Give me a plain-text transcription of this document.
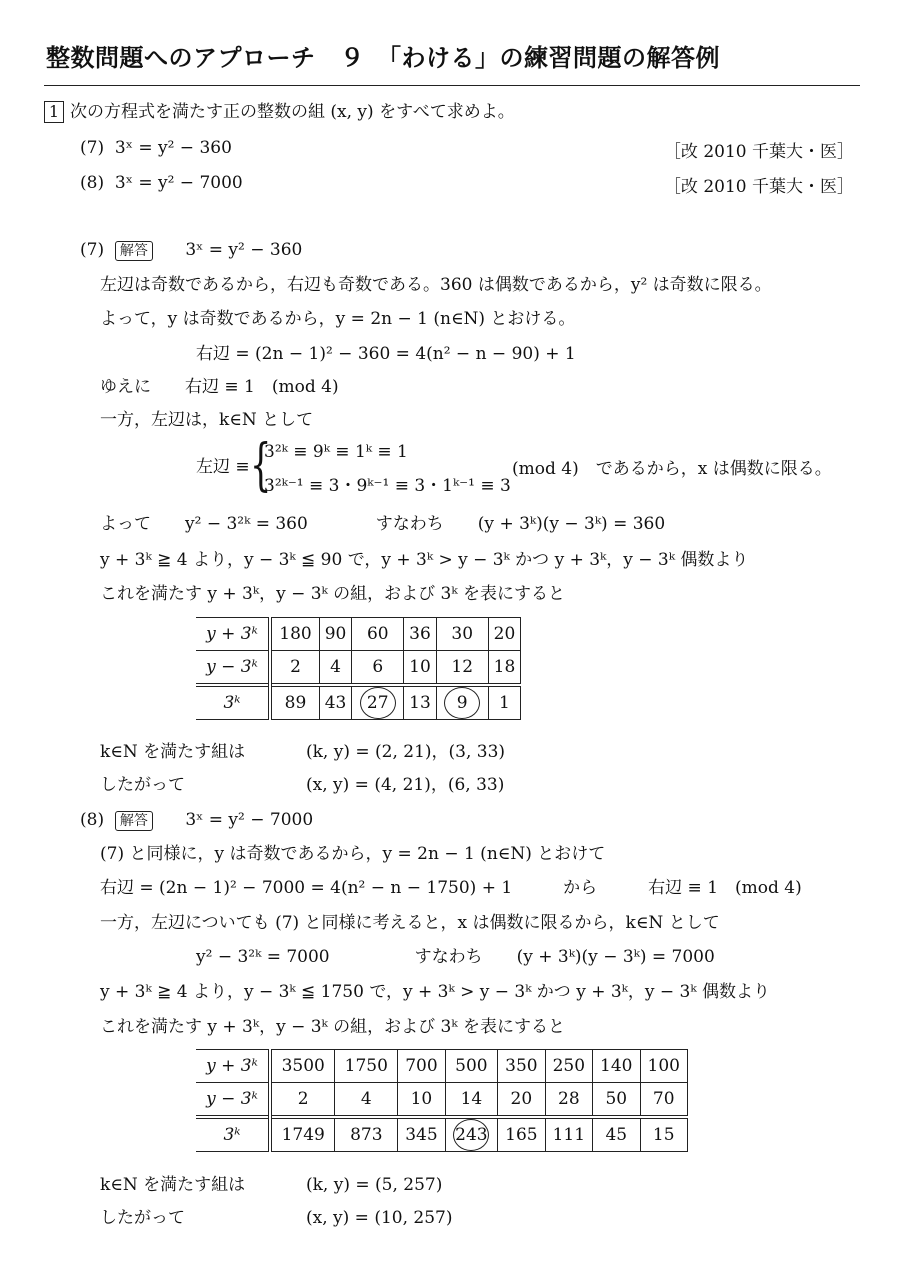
整数問題へのアプローチ　９　「わける」の練習問題の解答例
1 次の方程式を満たす正の整数の組 (x, y) をすべて求めよ。
(7) 3ˣ = y² − 360	［改 2010 千葉大・医］
(8) 3ˣ = y² − 7000	［改 2010 千葉大・医］
(7) 解答 3ˣ = y² − 360
左辺は奇数であるから，右辺も奇数である。360 は偶数であるから，y² は奇数に限る。
よって，y は奇数であるから，y = 2n − 1 (n∈N) とおける。
右辺 = (2n − 1)² − 360 = 4(n² − n − 90) + 1
ゆえに　　右辺 ≡ 1　(mod 4)
一方，左辺は，k∈N として
左辺 ≡ {
3²ᵏ ≡ 9ᵏ ≡ 1ᵏ ≡ 1
3²ᵏ⁻¹ ≡ 3・9ᵏ⁻¹ ≡ 3・1ᵏ⁻¹ ≡ 3
(mod 4)　であるから，x は偶数に限る。
よって　　y² − 3²ᵏ = 360　　　　すなわち　　(y + 3ᵏ)(y − 3ᵏ) = 360
y + 3ᵏ ≧ 4 より，y − 3ᵏ ≦ 90 で，y + 3ᵏ > y − 3ᵏ かつ y + 3ᵏ，y − 3ᵏ 偶数より
これを満たす y + 3ᵏ，y − 3ᵏ の組，および 3ᵏ を表にすると
y + 3ᵏ	180	90	60	36	30	20
y − 3ᵏ	2	4	6	10	12	18
3ᵏ	89	43	27	13	9	1
k∈N を満たす組は	(k, y) = (2, 21)，(3, 33)
したがって	(x, y) = (4, 21)，(6, 33)
(8) 解答 3ˣ = y² − 7000
(7) と同様に，y は奇数であるから，y = 2n − 1 (n∈N) とおけて
右辺 = (2n − 1)² − 7000 = 4(n² − n − 1750) + 1　　　から　　　右辺 ≡ 1　(mod 4)
一方，左辺についても (7) と同様に考えると，x は偶数に限るから，k∈N として
y² − 3²ᵏ = 7000　　　　　すなわち　　(y + 3ᵏ)(y − 3ᵏ) = 7000
y + 3ᵏ ≧ 4 より，y − 3ᵏ ≦ 1750 で，y + 3ᵏ > y − 3ᵏ かつ y + 3ᵏ，y − 3ᵏ 偶数より
これを満たす y + 3ᵏ，y − 3ᵏ の組，および 3ᵏ を表にすると
y + 3ᵏ	3500	1750	700	500	350	250	140	100
y − 3ᵏ	2	4	10	14	20	28	50	70
3ᵏ	1749	873	345	243	165	111	45	15
k∈N を満たす組は	(k, y) = (5, 257)
したがって	(x, y) = (10, 257)
